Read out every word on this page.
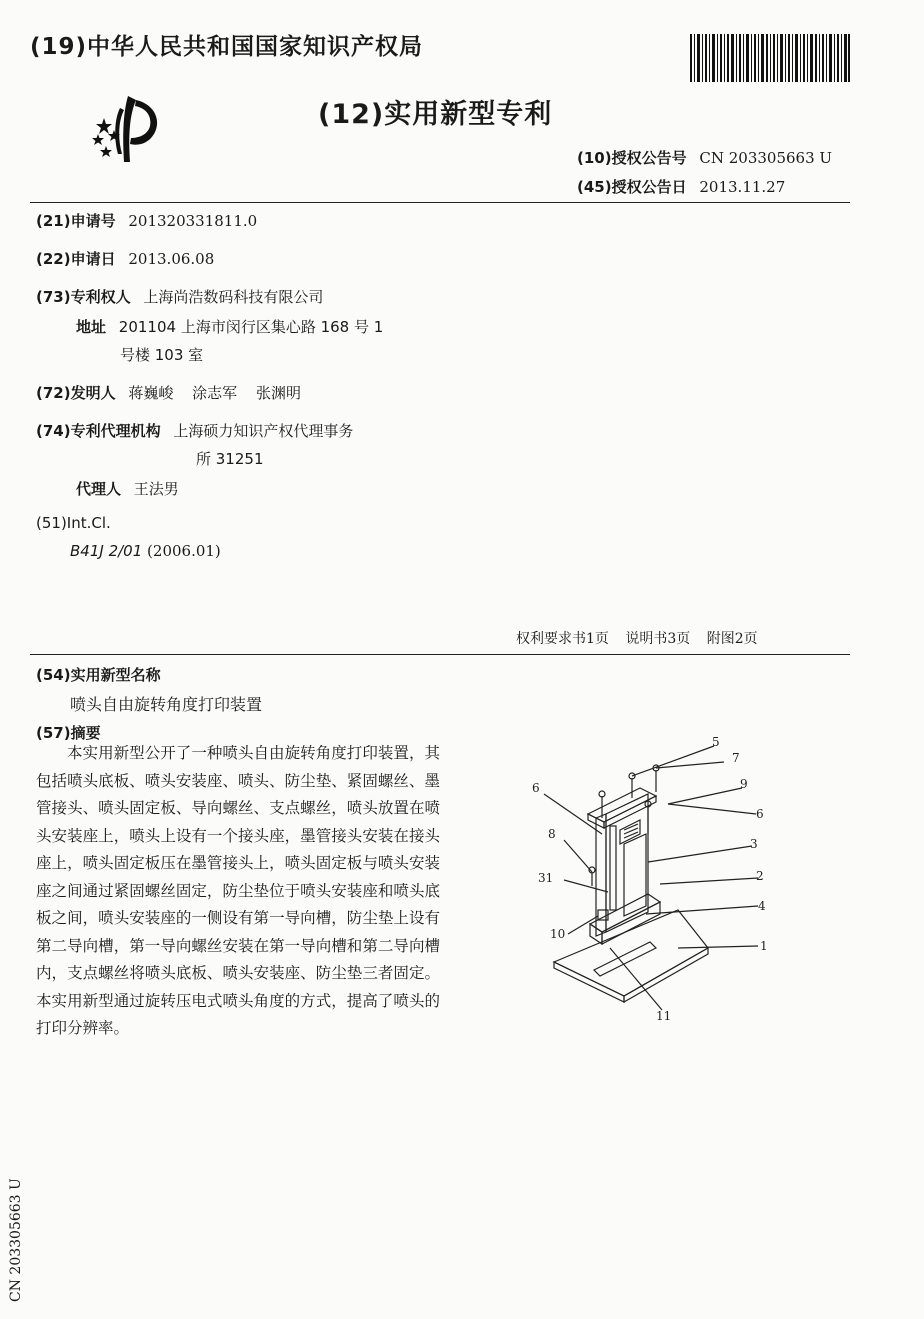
(19)中华人民共和国国家知识产权局
(12)实用新型专利
(10)授权公告号 CN 203305663 U
(45)授权公告日 2013.11.27
(21)申请号 201320331811.0
(22)申请日 2013.06.08
(73)专利权人 上海尚浩数码科技有限公司
地址 201104 上海市闵行区集心路 168 号 1
号楼 103 室
(72)发明人 蒋巍峻 涂志军 张渊明
(74)专利代理机构 上海硕力知识产权代理事务
所 31251
代理人 王法男
(51)Int.Cl.
B41J 2/01 (2006.01)
权利要求书1页 说明书3页 附图2页
(54)实用新型名称
喷头自由旋转角度打印装置
(57)摘要
本实用新型公开了一种喷头自由旋转角度打印装置，其包括喷头底板、喷头安装座、喷头、防尘垫、紧固螺丝、墨管接头、喷头固定板、导向螺丝、支点螺丝，喷头放置在喷头安装座上，喷头上设有一个接头座，墨管接头安装在接头座上，喷头固定板压在墨管接头上，喷头固定板与喷头安装座之间通过紧固螺丝固定，防尘垫位于喷头安装座和喷头底板之间，喷头安装座的一侧设有第一导向槽，防尘垫上设有第二导向槽，第一导向螺丝安装在第一导向槽和第二导向槽内，支点螺丝将喷头底板、喷头安装座、防尘垫三者固定。本实用新型通过旋转压电式喷头角度的方式，提高了喷头的打印分辨率。
5
7
9
6
6
3
8
31	2
4
10
1
11
CN 203305663 U
